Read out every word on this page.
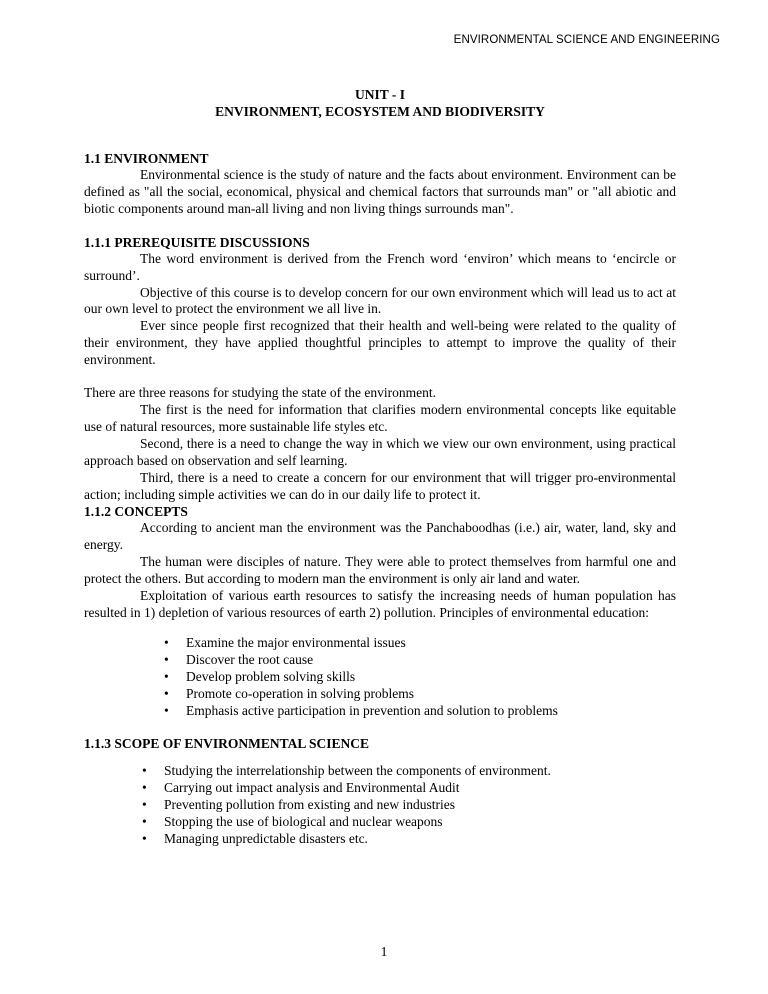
ENVIRONMENTAL SCIENCE AND ENGINEERING
UNIT - I
ENVIRONMENT, ECOSYSTEM AND BIODIVERSITY
1.1 ENVIRONMENT

Environmental science is the study of nature and the facts about environment. Environment can be defined as "all the social, economical, physical and chemical factors that surrounds man" or "all abiotic and biotic components around man-all living and non living things surrounds man".

1.1.1 PREREQUISITE DISCUSSIONS

The word environment is derived from the French word ‘environ’ which means to ‘encircle or surround’.

Objective of this course is to develop concern for our own environment which will lead us to act at our own level to protect the environment we all live in.

Ever since people first recognized that their health and well-being were related to the quality of their environment, they have applied thoughtful principles to attempt to improve the quality of their environment.

There are three reasons for studying the state of the environment.

The first is the need for information that clarifies modern environmental concepts like equitable use of natural resources, more sustainable life styles etc.

Second, there is a need to change the way in which we view our own environment, using practical approach based on observation and self learning.

Third, there is a need to create a concern for our environment that will trigger pro-environmental action; including simple activities we can do in our daily life to protect it.

1.1.2 CONCEPTS

According to ancient man the environment was the Panchaboodhas (i.e.) air, water, land, sky and energy.

The human were disciples of nature. They were able to protect themselves from harmful one and protect the others. But according to modern man the environment is only air land and water.

Exploitation of various earth resources to satisfy the increasing needs of human population has resulted in 1) depletion of various resources of earth 2) pollution. Principles of environmental education:

• Examine the major environmental issues
• Discover the root cause
• Develop problem solving skills
• Promote co-operation in solving problems
• Emphasis active participation in prevention and solution to problems
1.1.3 SCOPE OF ENVIRONMENTAL SCIENCE
• Studying the interrelationship between the components of environment.
• Carrying out impact analysis and Environmental Audit
• Preventing pollution from existing and new industries
• Stopping the use of biological and nuclear weapons
• Managing unpredictable disasters etc.
1
